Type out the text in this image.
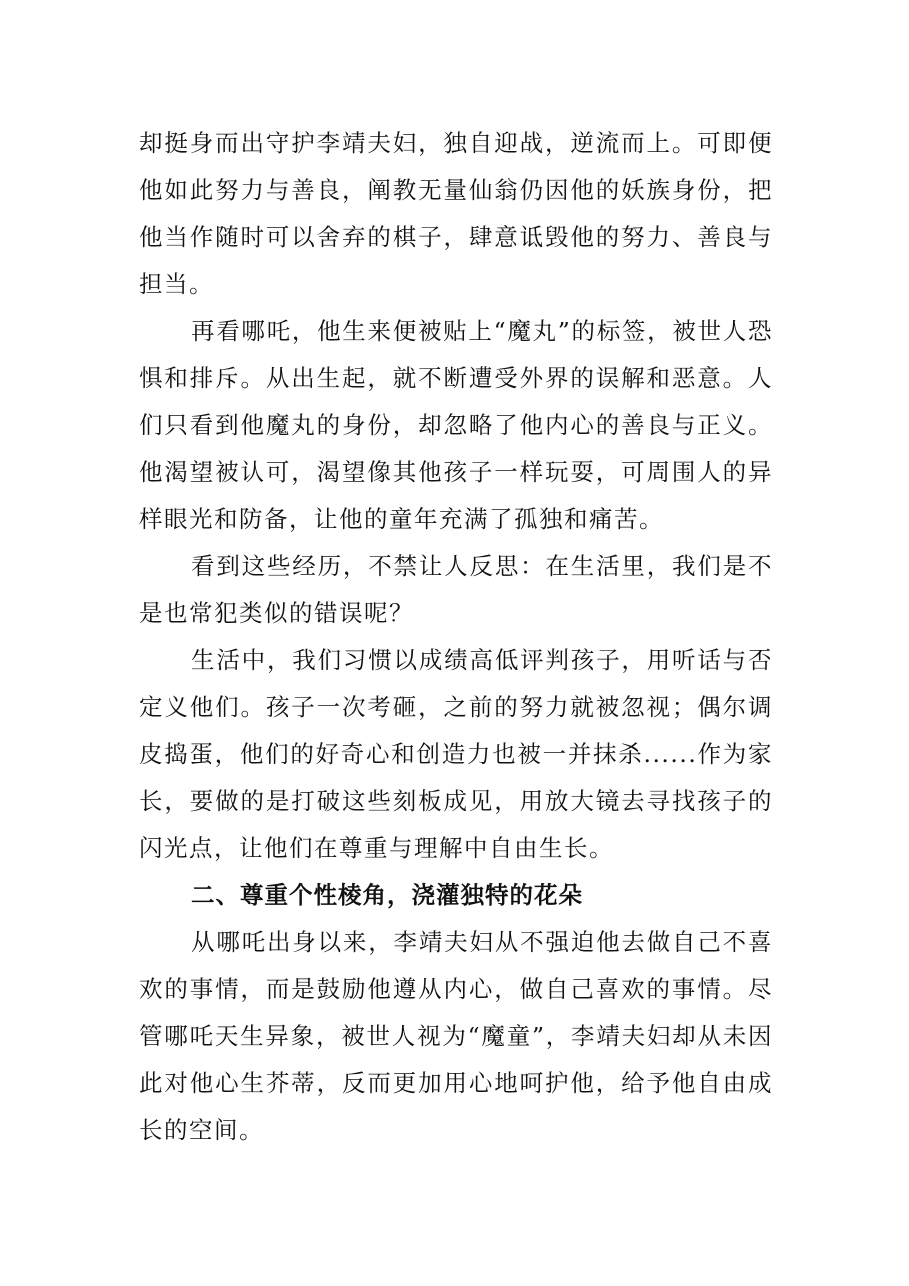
却挺身而出守护李靖夫妇，独自迎战，逆流而上。可即便他如此努力与善良，阐教无量仙翁仍因他的妖族身份，把他当作随时可以舍弃的棋子，肆意诋毁他的努力、善良与担当。

再看哪吒，他生来便被贴上“魔丸”的标签，被世人恐惧和排斥。从出生起，就不断遭受外界的误解和恶意。人们只看到他魔丸的身份，却忽略了他内心的善良与正义。他渴望被认可，渴望像其他孩子一样玩耍，可周围人的异样眼光和防备，让他的童年充满了孤独和痛苦。

看到这些经历，不禁让人反思：在生活里，我们是不是也常犯类似的错误呢？

生活中，我们习惯以成绩高低评判孩子，用听话与否定义他们。孩子一次考砸，之前的努力就被忽视；偶尔调皮捣蛋，他们的好奇心和创造力也被一并抹杀......作为家长，要做的是打破这些刻板成见，用放大镜去寻找孩子的闪光点，让他们在尊重与理解中自由生长。

二、尊重个性棱角，浇灌独特的花朵

从哪吒出身以来，李靖夫妇从不强迫他去做自己不喜欢的事情，而是鼓励他遵从内心，做自己喜欢的事情。尽管哪吒天生异象，被世人视为“魔童”，李靖夫妇却从未因此对他心生芥蒂，反而更加用心地呵护他，给予他自由成长的空间。
